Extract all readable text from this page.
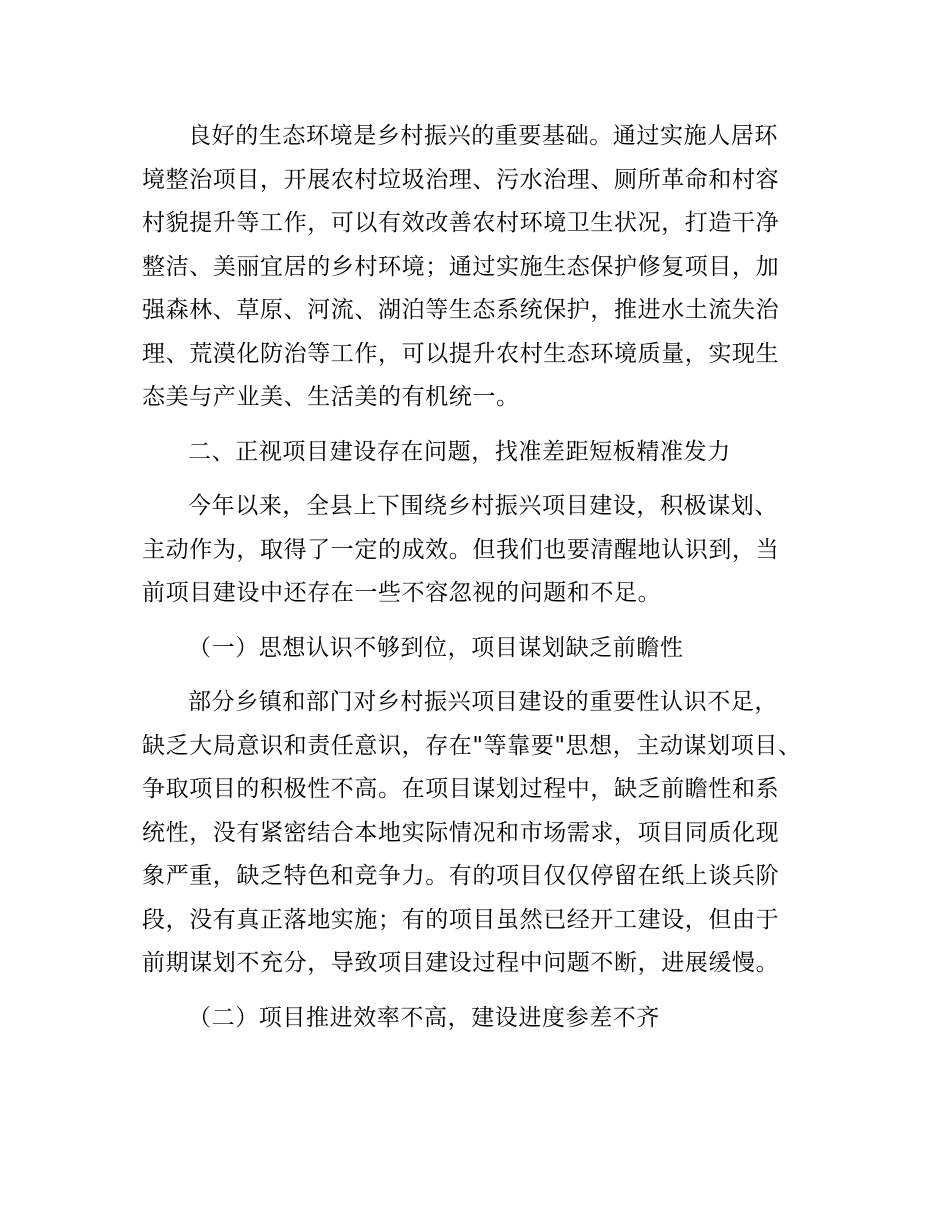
良好的生态环境是乡村振兴的重要基础。通过实施人居环
境整治项目，开展农村垃圾治理、污水治理、厕所革命和村容
村貌提升等工作，可以有效改善农村环境卫生状况，打造干净
整洁、美丽宜居的乡村环境；通过实施生态保护修复项目，加
强森林、草原、河流、湖泊等生态系统保护，推进水土流失治
理、荒漠化防治等工作，可以提升农村生态环境质量，实现生
态美与产业美、生活美的有机统一。
二、正视项目建设存在问题，找准差距短板精准发力
今年以来，全县上下围绕乡村振兴项目建设，积极谋划、
主动作为，取得了一定的成效。但我们也要清醒地认识到，当
前项目建设中还存在一些不容忽视的问题和不足。
（一）思想认识不够到位，项目谋划缺乏前瞻性
部分乡镇和部门对乡村振兴项目建设的重要性认识不足，
缺乏大局意识和责任意识，存在"等靠要"思想，主动谋划项目、
争取项目的积极性不高。在项目谋划过程中，缺乏前瞻性和系
统性，没有紧密结合本地实际情况和市场需求，项目同质化现
象严重，缺乏特色和竞争力。有的项目仅仅停留在纸上谈兵阶
段，没有真正落地实施；有的项目虽然已经开工建设，但由于
前期谋划不充分，导致项目建设过程中问题不断，进展缓慢。
（二）项目推进效率不高，建设进度参差不齐
